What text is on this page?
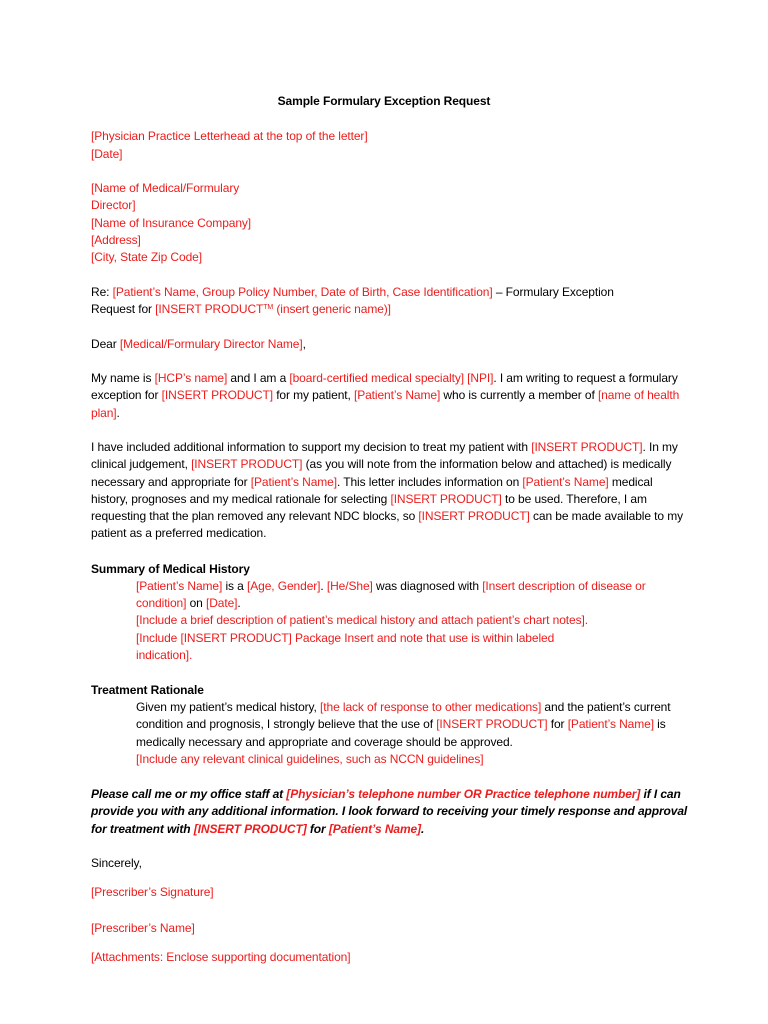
Sample Formulary Exception Request

[Physician Practice Letterhead at the top of the letter]

[Date]

[Name of Medical/Formulary

Director]

[Name of Insurance Company]

[Address]

[City, State Zip Code]

Re: [Patient’s Name, Group Policy Number, Date of Birth, Case Identification] – Formulary Exception
Request for [INSERT PRODUCT™ (insert generic name)]

Dear [Medical/Formulary Director Name],

My name is [HCP’s name] and I am a [board-certified medical specialty] [NPI]. I am writing to request a formulary exception for [INSERT PRODUCT] for my patient, [Patient’s Name] who is currently a member of [name of health plan].

I have included additional information to support my decision to treat my patient with [INSERT PRODUCT]. In my clinical judgement, [INSERT PRODUCT] (as you will note from the information below and attached) is medically necessary and appropriate for [Patient’s Name]. This letter includes information on [Patient’s Name] medical history, prognoses and my medical rationale for selecting [INSERT PRODUCT] to be used. Therefore, I am requesting that the plan removed any relevant NDC blocks, so [INSERT PRODUCT] can be made available to my patient as a preferred medication.

Summary of Medical History

[Patient’s Name] is a [Age, Gender]. [He/She] was diagnosed with [Insert description of disease or condition] on [Date].

[Include a brief description of patient’s medical history and attach patient’s chart notes].

[Include [INSERT PRODUCT] Package Insert and note that use is within labeled indication].

Treatment Rationale

Given my patient’s medical history, [the lack of response to other medications] and the patient’s current condition and prognosis, I strongly believe that the use of [INSERT PRODUCT] for [Patient’s Name] is medically necessary and appropriate and coverage should be approved.

[Include any relevant clinical guidelines, such as NCCN guidelines]

Please call me or my office staff at [Physician’s telephone number OR Practice telephone number] if I can provide you with any additional information. I look forward to receiving your timely response and approval for treatment with [INSERT PRODUCT] for [Patient’s Name].

Sincerely,

[Prescriber’s Signature]

[Prescriber’s Name]

[Attachments: Enclose supporting documentation]
